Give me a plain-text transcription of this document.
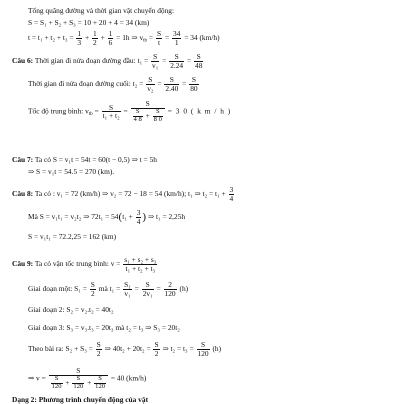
Tổng quãng đường và thời gian vật chuyển động:
S = S₁ + S₂ + S₃ = 10 + 20 + 4 = 34 (km)
$t = t_1 + t_2 + t_3 = \frac{1}{3} + \frac{1}{2} + \frac{1}{6} = 1h$ ⇒ $v_{tb} = \frac{S}{t} = \frac{34}{1} = 34$ (km/h)
Câu 6: Thời gian đi nửa đoạn đường đầu: $t_1 = \frac{S}{\text{v₁}} = \frac{S}{2.24} = \frac{S}{48}$
Thời gian đi nửa đoạn đường cuối: $t_2 = \frac{S}{\text{v₂}} = \frac{S}{2.40} = \frac{S}{80}$
Tốc độ trung bình: $v_{tb} = \frac{S}{\text{t₁ + t₂}} = \frac{S}{\frac{S}{4 8} + \frac{S}{8 0}} = 3$ 0 ( k m / h )
Câu 7: Ta có S = v₁t = 54t = 60(t − 0,5) ⇒ t = 5h
⇒ S = v₁t = 54.5 = 270 (km).
Câu 8: Ta có : v₁ = 72 (km/h) ⇒ v₂ = 72 − 18 = 54 (km/h); t₁ ⇒ $t_2 = t_1 + \frac{3}{4}$
Mà S = v₁t₁ = v₂t₂ ⇒ $72t_1 = 54(t_1 + \frac{3}{4}$ ) ⇒ t₁ = 2,25h
S = v₁t₁ = 72.2,25 = 162 (km)
Câu 9: Ta có vận tốc trung bình: $v = \frac{\text{s₁ + s₂ + s₃}}{\text{t₁ + t₂ + t₃}}$
Giai đoạn một: $S_1 = \frac{S}{2}$ mà $t_1 = \frac{\text{S₁}}{\text{v₁}} = \frac{S}{\text{2v₁}} = \frac{2}{120} (h)$
Giai đoạn 2: S₂ = v₂.t₂ = 40t₂
Giai đoạn 3: S₃ = v₃.t₃ = 20t₃ mà t₂ = t₃ ⇒ S₃ = 20t₂
Theo bài ra: $S_2 + S_3 = \frac{S}{2}$ ⇒ $40t_2 + 20t_2 = \frac{S}{2}$ ⇒ $t_2 = t_3 = \frac{S}{120} (h)$
⇒ $v = \frac{S}{\frac{S}{120} + \frac{S}{120} + \frac{S}{120}} = 40$ (km/h)
Dạng 2: Phương trình chuyển động của vật
